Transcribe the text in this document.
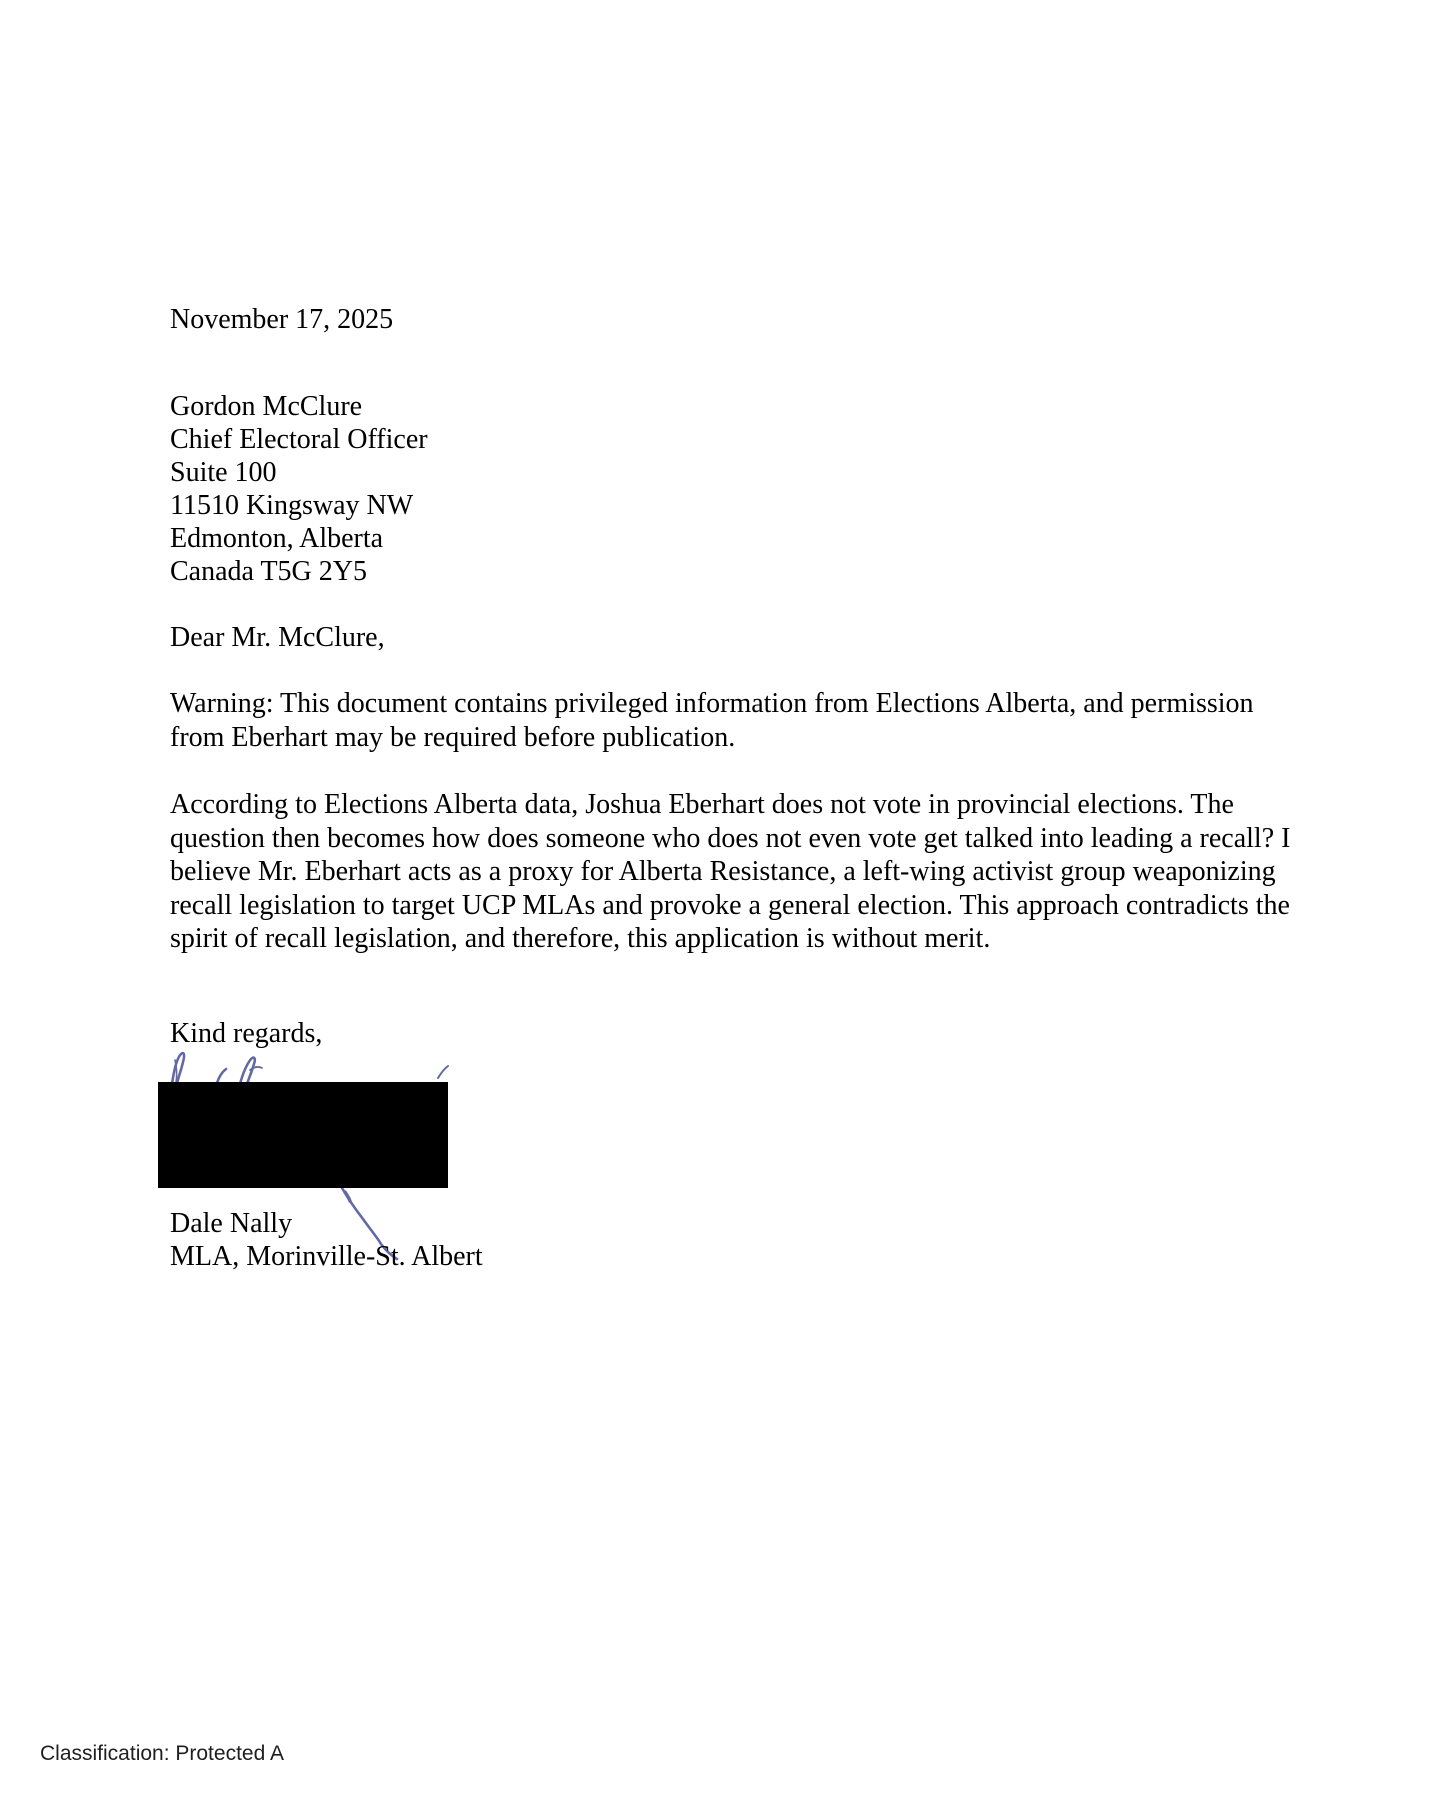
November 17, 2025
Gordon McClure
Chief Electoral Officer
Suite 100
11510 Kingsway NW
Edmonton, Alberta
Canada T5G 2Y5
Dear Mr. McClure,

Warning: This document contains privileged information from Elections Alberta, and permission from Eberhart may be required before publication.

According to Elections Alberta data, Joshua Eberhart does not vote in provincial elections. The question then becomes how does someone who does not even vote get talked into leading a recall? I believe Mr. Eberhart acts as a proxy for Alberta Resistance, a left-wing activist group weaponizing recall legislation to target UCP MLAs and provoke a general election. This approach contradicts the spirit of recall legislation, and therefore, this application is without merit.

Kind regards,
Dale Nally
MLA, Morinville-St. Albert
Classification: Protected A
